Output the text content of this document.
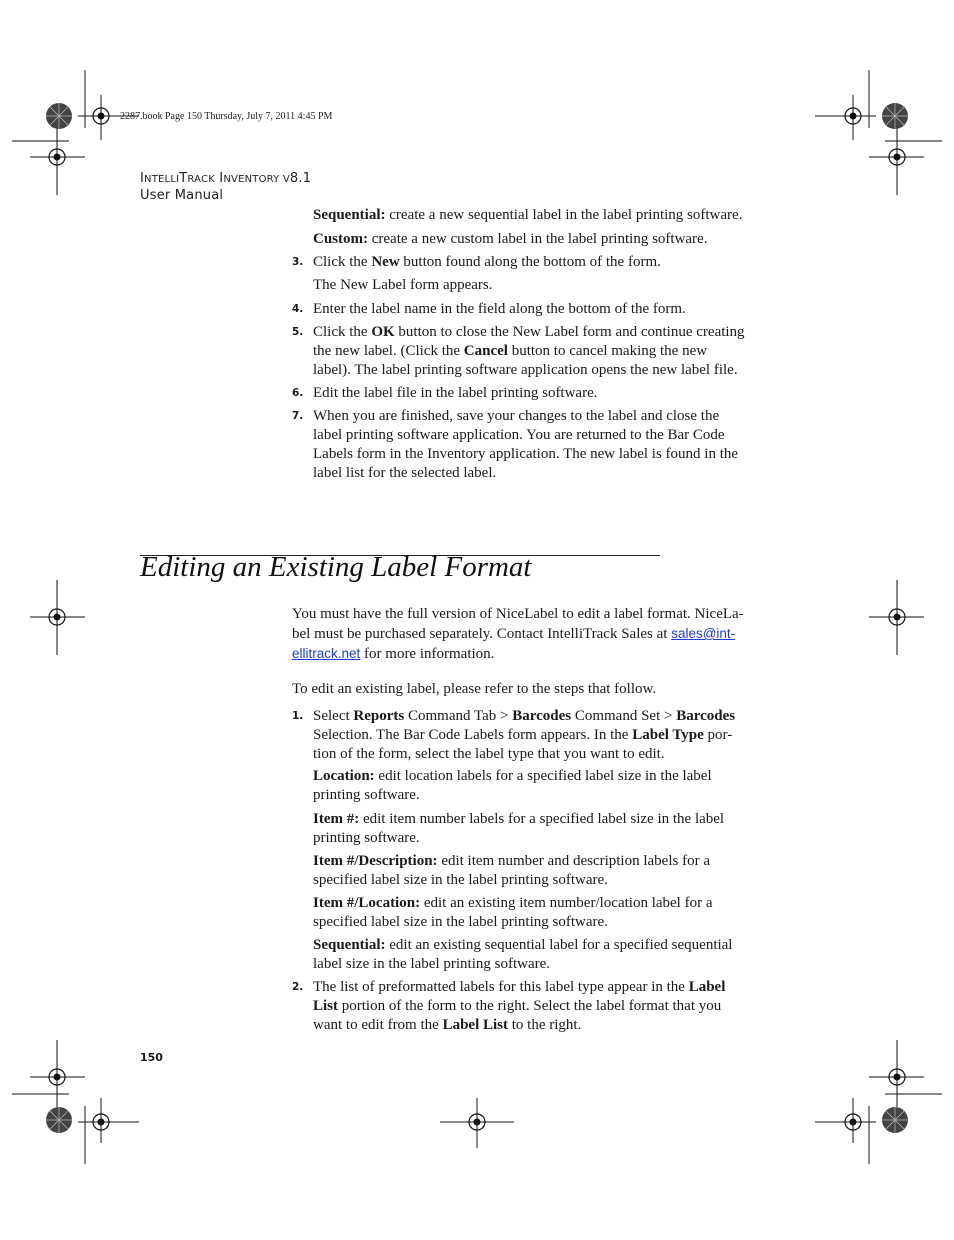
2287.book Page 150 Thursday, July 7, 2011 4:45 PM
INTELLITRACK INVENTORY V8.1
User Manual
Sequential: create a new sequential label in the label printing software.
Custom: create a new custom label in the label printing software.
3. Click the New button found along the bottom of the form.
The New Label form appears.
4. Enter the label name in the field along the bottom of the form.
5. Click the OK button to close the New Label form and continue creating
the new label. (Click the Cancel button to cancel making the new
label). The label printing software application opens the new label file.
6. Edit the label file in the label printing software.
7. When you are finished, save your changes to the label and close the
label printing software application. You are returned to the Bar Code
Labels form in the Inventory application. The new label is found in the
label list for the selected label.
Editing an Existing Label Format
You must have the full version of NiceLabel to edit a label format. NiceLa-
bel must be purchased separately. Contact IntelliTrack Sales at sales@int-
ellitrack.net for more information.
To edit an existing label, please refer to the steps that follow.
1. Select Reports Command Tab > Barcodes Command Set > Barcodes
Selection. The Bar Code Labels form appears. In the Label Type por-
tion of the form, select the label type that you want to edit.
Location: edit location labels for a specified label size in the label
printing software.
Item #: edit item number labels for a specified label size in the label
printing software.
Item #/Description: edit item number and description labels for a
specified label size in the label printing software.
Item #/Location: edit an existing item number/location label for a
specified label size in the label printing software.
Sequential: edit an existing sequential label for a specified sequential
label size in the label printing software.
2. The list of preformatted labels for this label type appear in the Label
List portion of the form to the right. Select the label format that you
want to edit from the Label List to the right.
150
